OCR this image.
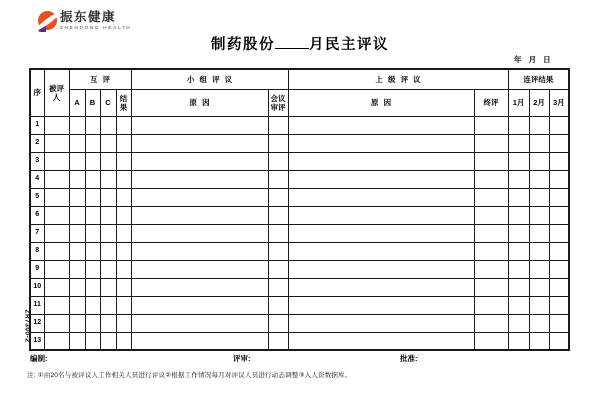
振东健康
ZHENDONG HEALTH
制药股份 月民主评议
年 月 日
序	被评人	互 评				小 组 评 议		上 级 评 议		连评结果		
		A	B	C	结果	原 因	会议审评	原 因	终评	1月	2月	3月
1												
2												
3												
4												
5												
6												
7												
8												
9												
10												
11												
12												
13												
ZR7300-2
编制:	评审:	批准:
注: ①由20名与被评议人工作相关人员进行评议②根据工作情况每月对评议人员进行动态调整③入人资数据库。
